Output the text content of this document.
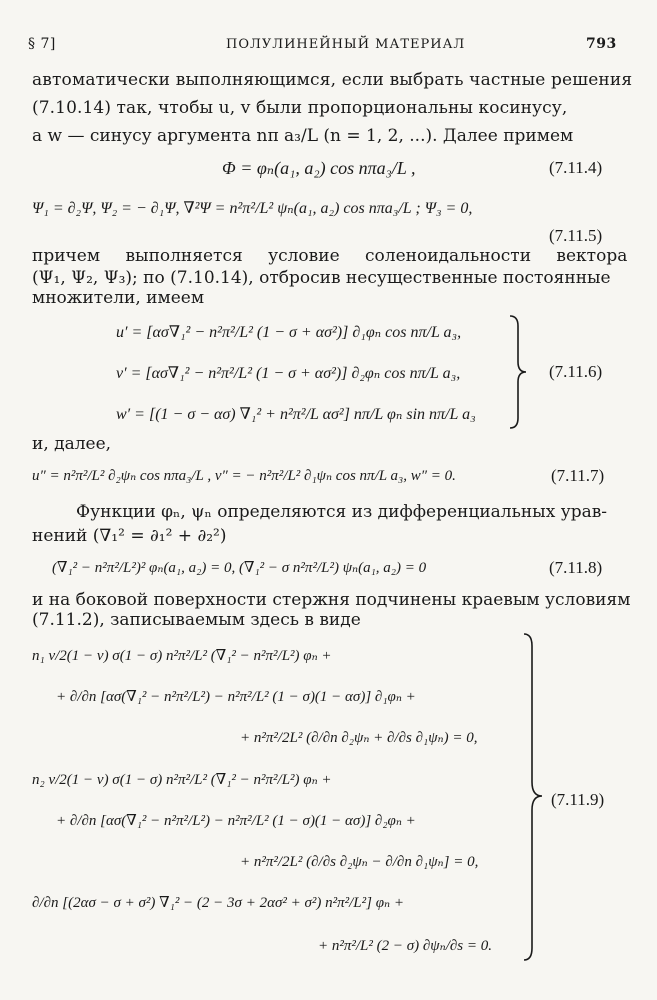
§ 7]	ПОЛУЛИНЕЙНЫЙ МАТЕРИАЛ	793
автоматически выполняющимся, если выбрать частные решения
(7.10.14) так, чтобы u, v были пропорциональны косинусу,
а w — синусу аргумента nπ a₃/L (n = 1, 2, ...). Далее примем
Φ = φₙ(a₁, a₂) cos nπa₃/L ,	(7.11.4)
Ψ₁ = ∂₂Ψ, Ψ₂ = − ∂₁Ψ, ∇²Ψ = n²π²/L² ψₙ(a₁, a₂) cos nπa₃/L ; Ψ₃ = 0,
(7.11.5)
причем выполняется условие соленоидальности вектора
(Ψ₁, Ψ₂, Ψ₃); по (7.10.14), отбросив несущественные постоянные
множители, имеем
u′ = [ασ∇₁² − n²π²/L² (1 − σ + ασ²)] ∂₁φₙ cos nπ/L a₃,
v′ = [ασ∇₁² − n²π²/L² (1 − σ + ασ²)] ∂₂φₙ cos nπ/L a₃,
w′ = [(1 − σ − ασ) ∇₁² + n²π²/L ασ²] nπ/L φₙ sin nπ/L a₃
(7.11.6)
и, далее,
u″ = n²π²/L² ∂₂ψₙ cos nπa₃/L , v″ = − n²π²/L² ∂₁ψₙ cos nπ/L a₃, w″ = 0.	(7.11.7)
Функции φₙ, ψₙ определяются из дифференциальных урав-
нений (∇₁² = ∂₁² + ∂₂²)
(∇₁² − n²π²/L²)² φₙ(a₁, a₂) = 0, (∇₁² − σ n²π²/L²) ψₙ(a₁, a₂) = 0	(7.11.8)
и на боковой поверхности стержня подчинены краевым условиям
(7.11.2), записываемым здесь в виде
n₁ ν/2(1 − ν) σ(1 − σ) n²π²/L² (∇₁² − n²π²/L²) φₙ +
+ ∂/∂n [ασ(∇₁² − n²π²/L²) − n²π²/L² (1 − σ)(1 − ασ)] ∂₁φₙ +
+ n²π²/2L² (∂/∂n ∂₂ψₙ + ∂/∂s ∂₁ψₙ) = 0,
n₂ ν/2(1 − ν) σ(1 − σ) n²π²/L² (∇₁² − n²π²/L²) φₙ +
+ ∂/∂n [ασ(∇₁² − n²π²/L²) − n²π²/L² (1 − σ)(1 − ασ)] ∂₂φₙ +
+ n²π²/2L² (∂/∂s ∂₂ψₙ − ∂/∂n ∂₁ψₙ] = 0,
∂/∂n [(2ασ − σ + σ²) ∇₁² − (2 − 3σ + 2ασ² + σ²) n²π²/L²] φₙ +
+ n²π²/L² (2 − σ) ∂ψₙ/∂s = 0.
(7.11.9)
